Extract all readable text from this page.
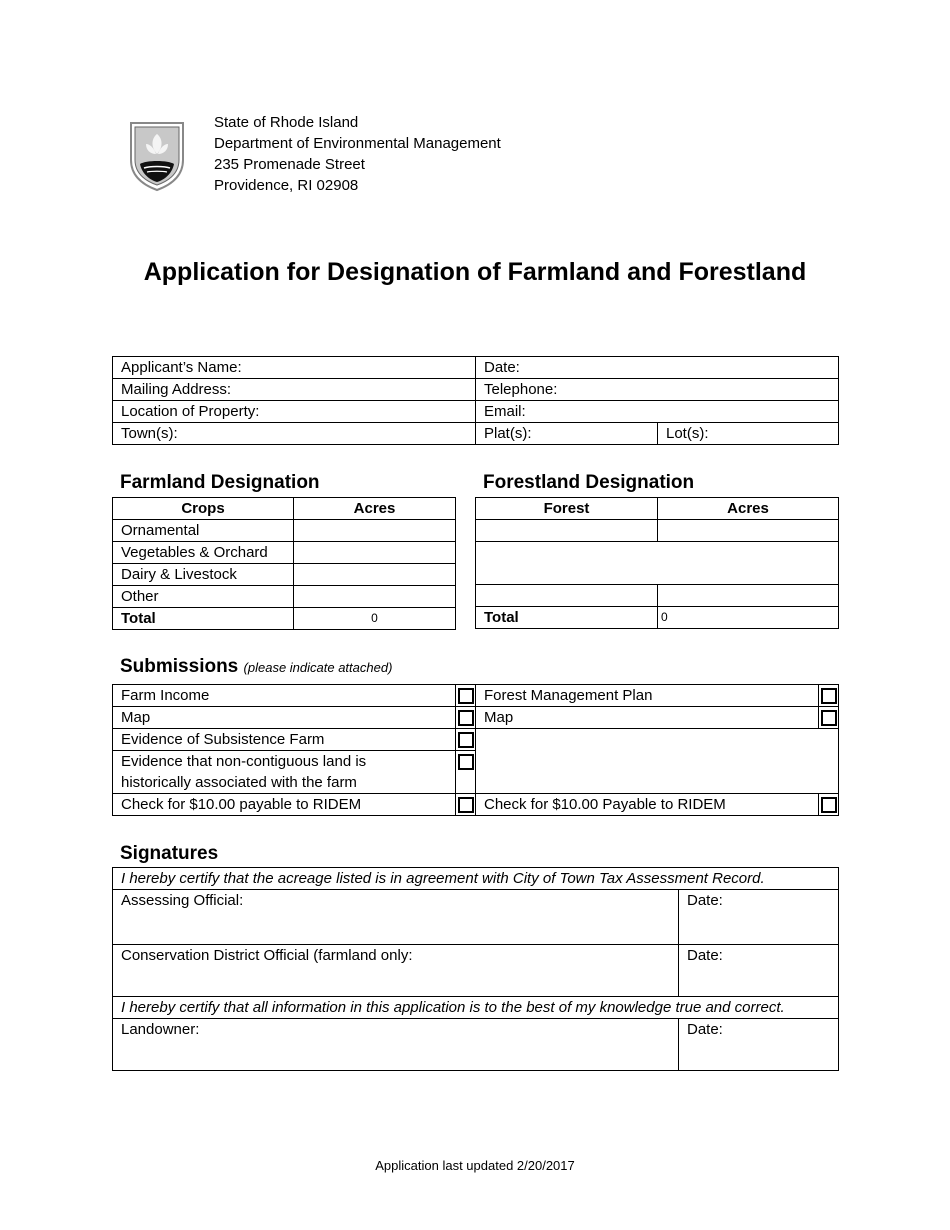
State of Rhode Island
Department of Environmental Management
235 Promenade Street
Providence, RI 02908
Application for Designation of Farmland and Forestland
Applicant’s Name:	Date:	
Mailing Address:	Telephone:	
Location of Property:	Email:	
Town(s):	Plat(s):	Lot(s):
Farmland Designation
Crops	Acres
Ornamental	
Vegetables & Orchard	
Dairy & Livestock	
Other	
Total	0
Forestland Designation
Forest	Acres

Total	0
Submissions (please indicate attached)
Farm Income		Forest Management Plan	

Map		Map	

Evidence of Subsistence Farm		

Evidence that non-contiguous land is			

historically associated with the farm			
Check for $10.00 payable to RIDEM		Check for $10.00 Payable to RIDEM	
Signatures
I hereby certify that the acreage listed is in agreement with City of Town Tax Assessment Record.	
Assessing Official:	Date:
Conservation District Official (farmland only:	Date:
I hereby certify that all information in this application is to the best of my knowledge true and correct.	
Landowner:	Date:
Application last updated 2/20/2017
